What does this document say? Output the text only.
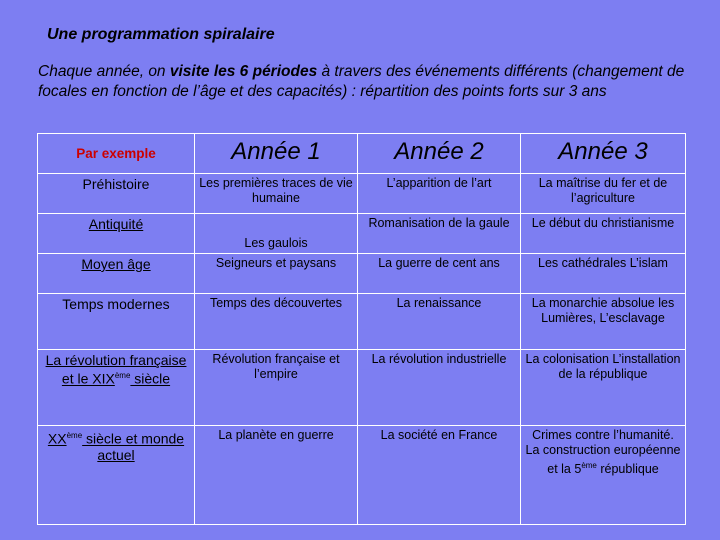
Une programmation spiralaire
Chaque année, on visite les 6 périodes à travers des événements différents (changement de focales en fonction de l’âge et des capacités) : répartition des points forts sur 3 ans
Par exemple	Année 1	Année 2	Année 3
Préhistoire	Les premières traces de vie humaine	L’apparition de l’art	La maîtrise du fer et de l’agriculture
Antiquité	Les gaulois	Romanisation de la gaule	Le début du christianisme
Moyen âge	Seigneurs et paysans	La guerre de cent ans	Les cathédrales L’islam
Temps modernes	Temps des découvertes	La renaissance	La monarchie absolue les Lumières, L’esclavage
La révolution française et le XIXème siècle	Révolution française et l’empire	La révolution industrielle	La colonisation L’installation de la république
XXème siècle et monde actuel	La planète en guerre	La société en France	Crimes contre l’humanité. La construction européenne et la 5ème république
